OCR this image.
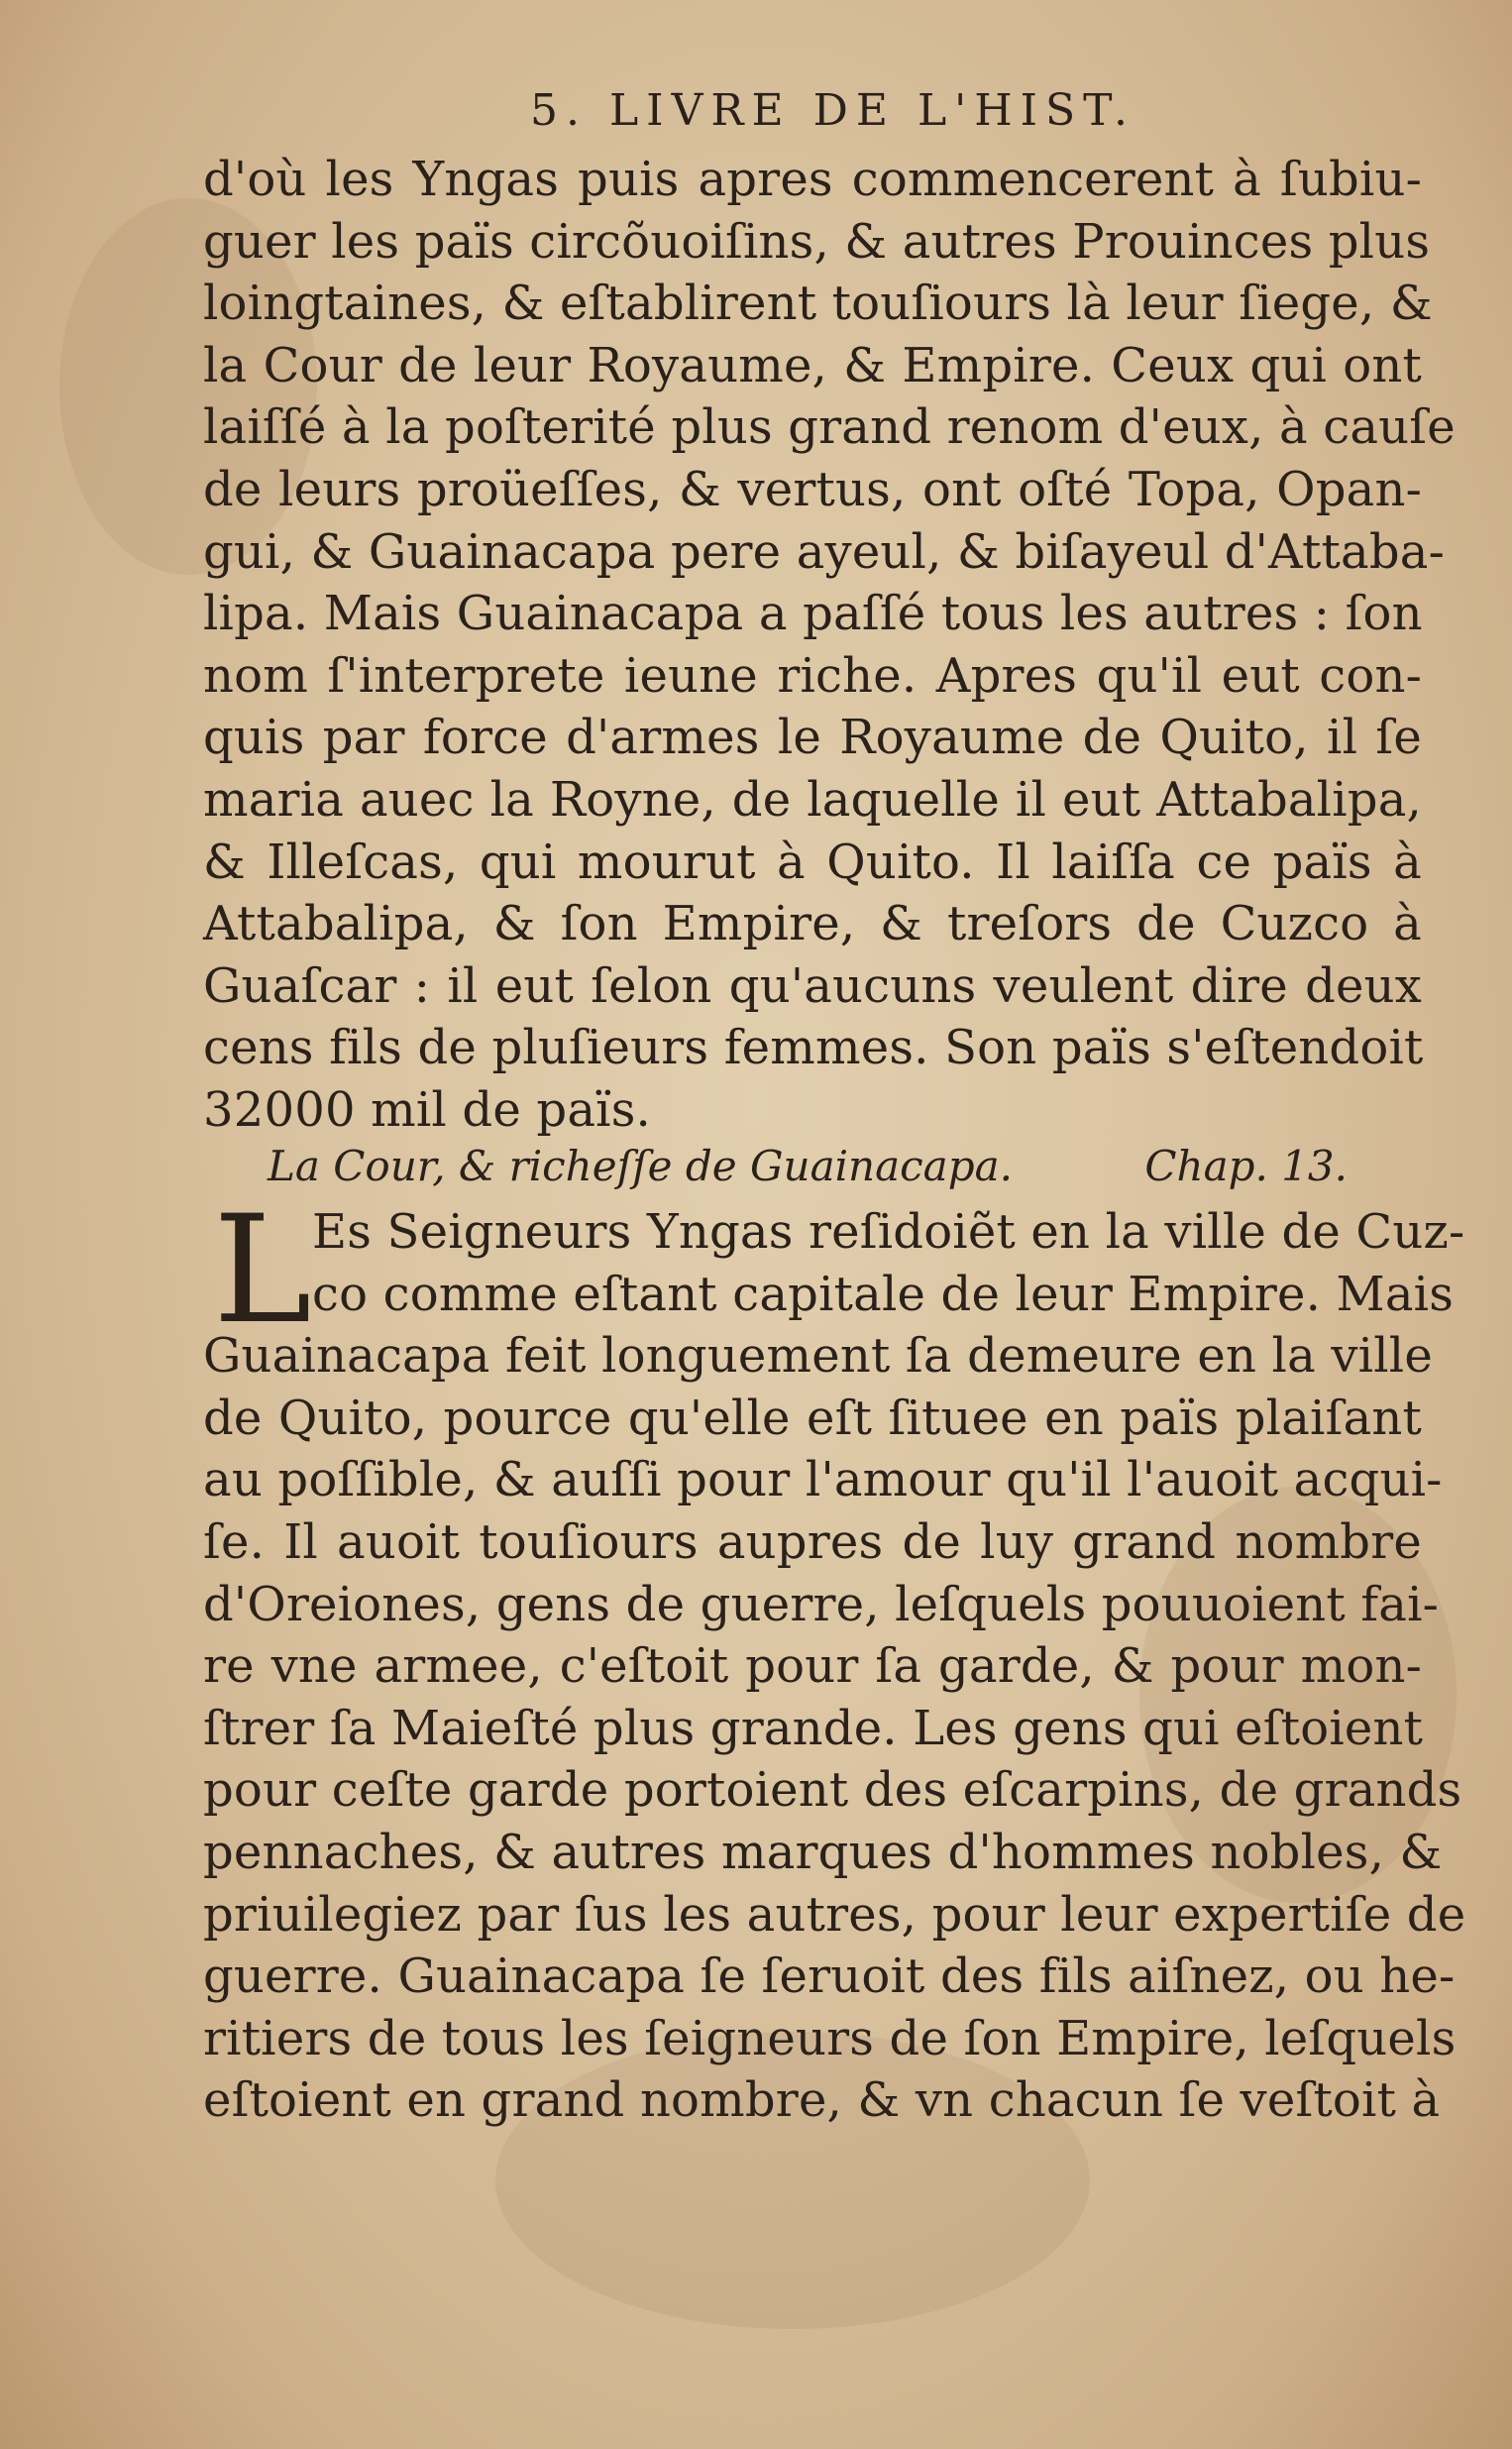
5. LIVRE DE L'HIST.
d'où les Yngas puis apres commencerent à ſubiu-
guer les païs circõuoiſins, & autres Prouinces plus
loingtaines, & eſtablirent touſiours là leur ſiege, &
la Cour de leur Royaume, & Empire. Ceux qui ont
laiſſé à la poſterité plus grand renom d'eux, à cauſe
de leurs proüeſſes, & vertus, ont oſté Topa, Opan-
gui, & Guainacapa pere ayeul, & biſayeul d'Attaba-
lipa. Mais Guainacapa a paſſé tous les autres : ſon
nom ſ'interprete ieune riche. Apres qu'il eut con-
quis par force d'armes le Royaume de Quito, il ſe
maria auec la Royne, de laquelle il eut Attabalipa,
& Illeſcas, qui mourut à Quito. Il laiſſa ce païs à
Attabalipa, & ſon Empire, & treſors de Cuzco à
Guaſcar : il eut ſelon qu'aucuns veulent dire deux
cens fils de pluſieurs femmes. Son païs s'eſtendoit
32000 mil de païs.
La Cour, & richeſſe de Guainacapa.	Chap. 13.
L Es Seigneurs Yngas reſidoiẽt en la ville de Cuz-
co comme eſtant capitale de leur Empire. Mais
Guainacapa feit longuement ſa demeure en la ville
de Quito, pource qu'elle eſt ſituee en païs plaiſant
au poſſible, & auſſi pour l'amour qu'il l'auoit acqui-
ſe. Il auoit touſiours aupres de luy grand nombre
d'Oreiones, gens de guerre, leſquels pouuoient fai-
re vne armee, c'eſtoit pour ſa garde, & pour mon-
ſtrer ſa Maieſté plus grande. Les gens qui eſtoient
pour ceſte garde portoient des eſcarpins, de grands
pennaches, & autres marques d'hommes nobles, &
priuilegiez par ſus les autres, pour leur expertiſe de
guerre. Guainacapa ſe ſeruoit des fils aiſnez, ou he-
ritiers de tous les ſeigneurs de ſon Empire, leſquels
eſtoient en grand nombre, & vn chacun ſe veſtoit à
